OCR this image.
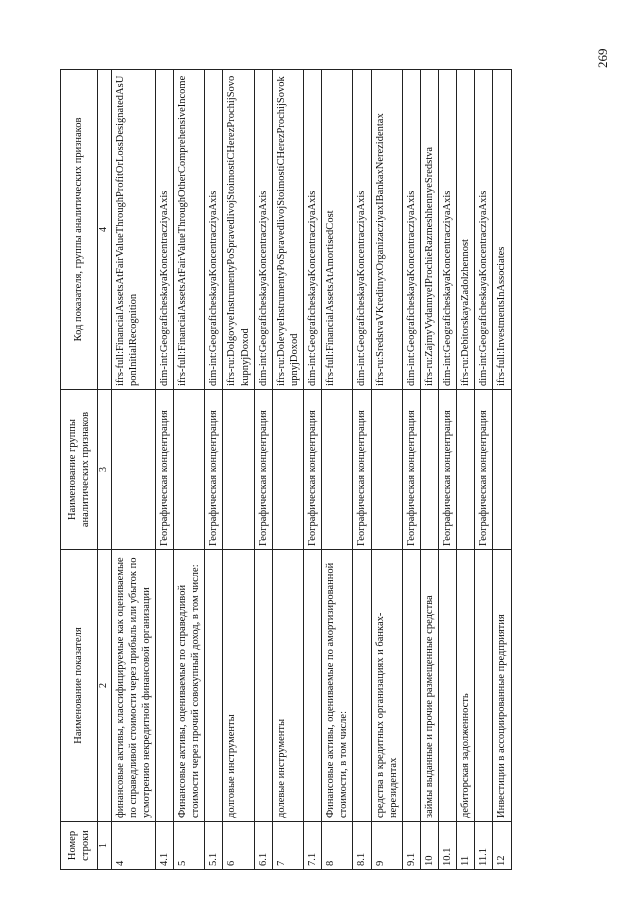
269
Номер строки	Наименование показателя	Наименование группы аналитических признаков	Код показателя, группы аналитических признаков
1	2	3	4
4	финансовые активы, классифицируемые как оцениваемые по справедливой стоимости через прибыль или убыток по усмотрению некредитной финансовой организации		ifrs-full:FinancialAssetsAtFairValueThroughProfitOrLossDesignatedAsUponInitialRecognition
4.1		Географическая концентрация	dim-int:GeograficheskayaKoncentracziyaAxis
5	Финансовые активы, оцениваемые по справедливой стоимости через прочий совокупный доход, в том числе:		ifrs-full:FinancialAssetsAtFairValueThroughOtherComprehensiveIncome
5.1		Географическая концентрация	dim-int:GeograficheskayaKoncentracziyaAxis
6	долговые инструменты		ifrs-ru:DolgovyeInstrumentyPoSpravedlivojStoimostiCHerezProchijSovokupnyjDoxod
6.1		Географическая концентрация	dim-int:GeograficheskayaKoncentracziyaAxis
7	долевые инструменты		ifrs-ru:DolevyeInstrumentyPoSpravedlivojStoimostiCHerezProchijSovokupnyjDoxod
7.1		Географическая концентрация	dim-int:GeograficheskayaKoncentracziyaAxis
8	Финансовые активы, оцениваемые по амортизированной стоимости, в том числе:		ifrs-full:FinancialAssetsAtAmortisedCost
8.1		Географическая концентрация	dim-int:GeograficheskayaKoncentracziyaAxis
9	средства в кредитных организациях и банках-нерезидентах		ifrs-ru:SredstvaVKreditnyxOrganizacziyaxIBankaxNerezidentax
9.1		Географическая концентрация	dim-int:GeograficheskayaKoncentracziyaAxis
10	займы выданные и прочие размещенные средства		ifrs-ru:ZajmyVydannyeIProchieRazmeshhennyeSredstva
10.1		Географическая концентрация	dim-int:GeograficheskayaKoncentracziyaAxis
11	дебиторская задолженность		ifrs-ru:DebitorskayaZadolzhennost
11.1		Географическая концентрация	dim-int:GeograficheskayaKoncentracziyaAxis
12	Инвестиции в ассоциированные предприятия		ifrs-full:InvestmentsInAssociates
